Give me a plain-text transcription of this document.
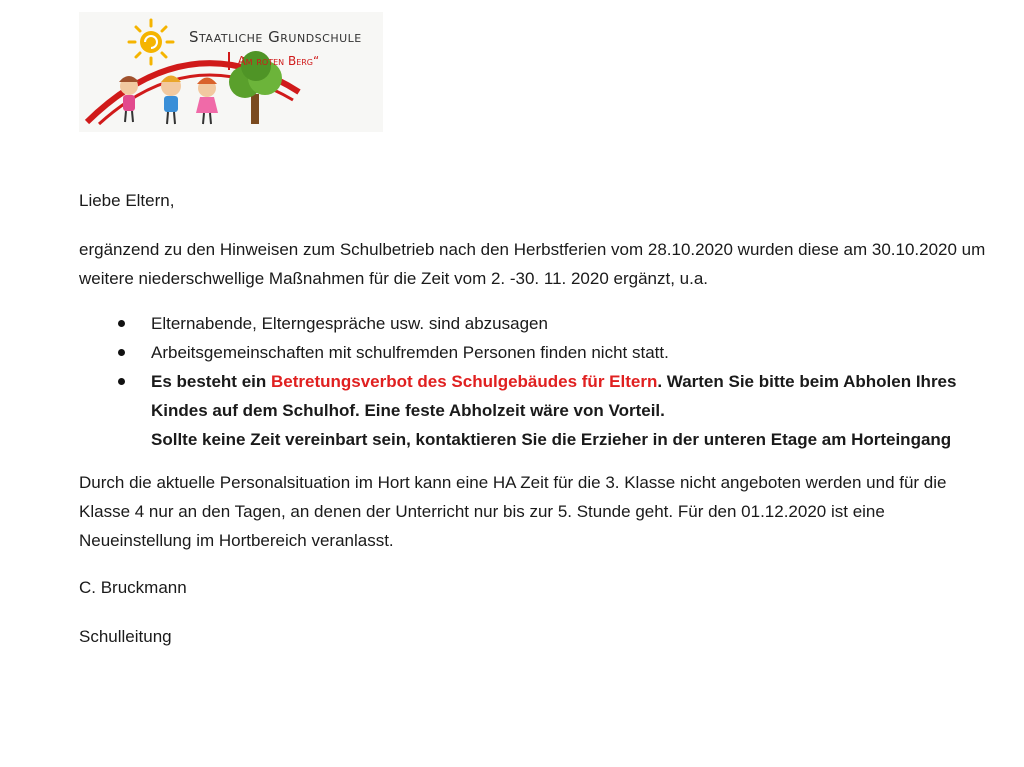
Staatliche Grundschule
„Am roten Berg“

Liebe Eltern,

ergänzend zu den Hinweisen zum Schulbetrieb nach den Herbstferien vom 28.10.2020 wurden diese am 30.10.2020 um weitere niederschwellige Maßnahmen für die Zeit vom 2. -30. 11. 2020 ergänzt, u.a.

Elternabende, Elterngespräche usw. sind abzusagen
Arbeitsgemeinschaften mit schulfremden Personen finden nicht statt.
Es besteht ein Betretungsverbot des Schulgebäudes für Eltern. Warten Sie bitte beim Abholen Ihres Kindes auf dem Schulhof. Eine feste Abholzeit wäre von Vorteil.
Sollte keine Zeit vereinbart sein, kontaktieren Sie die Erzieher in der unteren Etage am Horteingang

Durch die aktuelle Personalsituation im Hort kann eine HA Zeit für die 3. Klasse nicht angeboten werden und für die Klasse 4 nur an den Tagen, an denen der Unterricht nur bis zur 5. Stunde geht. Für den 01.12.2020 ist eine Neueinstellung im Hortbereich veranlasst.

C. Bruckmann

Schulleitung
